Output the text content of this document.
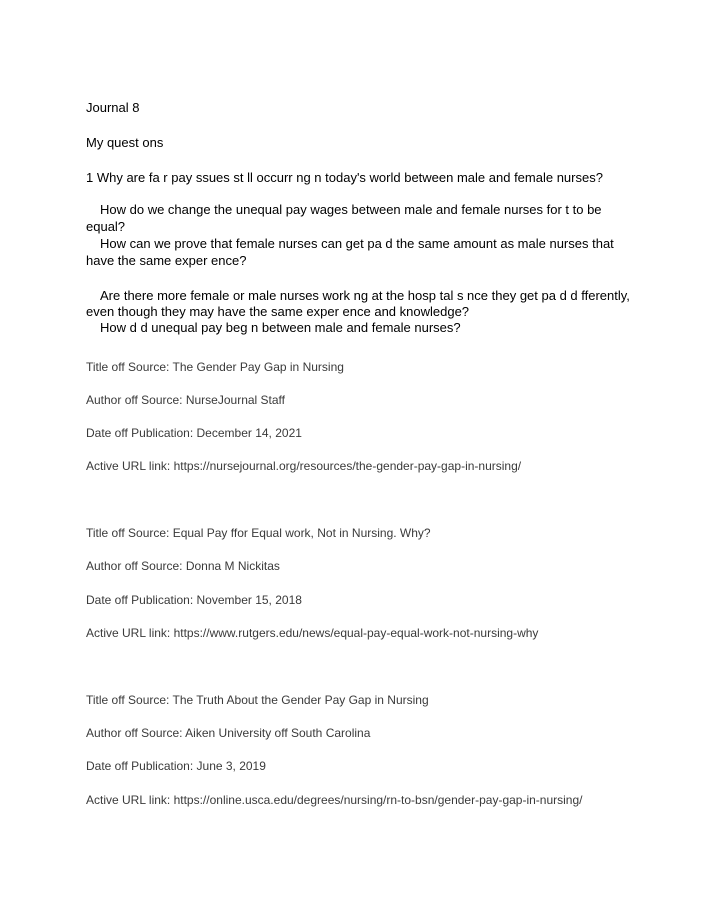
Journal 8
My quest ons
1 Why are fa r pay ssues st ll occurr ng n today's world between male and female nurses?
How do we change the unequal pay wages between male and female nurses for t to be
equal?
How can we prove that female nurses can get pa d the same amount as male nurses that
have the same exper ence?
Are there more female or male nurses work ng at the hosp tal s nce they get pa d d fferently,
even though they may have the same exper ence and knowledge?
How d d unequal pay beg n between male and female nurses?
Title off Source: The Gender Pay Gap in Nursing
Author off Source: NurseJournal Staff
Date off Publication: December 14, 2021
Active URL link: https://nursejournal.org/resources/the-gender-pay-gap-in-nursing/
Title off Source: Equal Pay ffor Equal work, Not in Nursing. Why?
Author off Source: Donna M Nickitas
Date off Publication: November 15, 2018
Active URL link: https://www.rutgers.edu/news/equal-pay-equal-work-not-nursing-why
Title off Source: The Truth About the Gender Pay Gap in Nursing
Author off Source: Aiken University off South Carolina
Date off Publication: June 3, 2019
Active URL link: https://online.usca.edu/degrees/nursing/rn-to-bsn/gender-pay-gap-in-nursing/
